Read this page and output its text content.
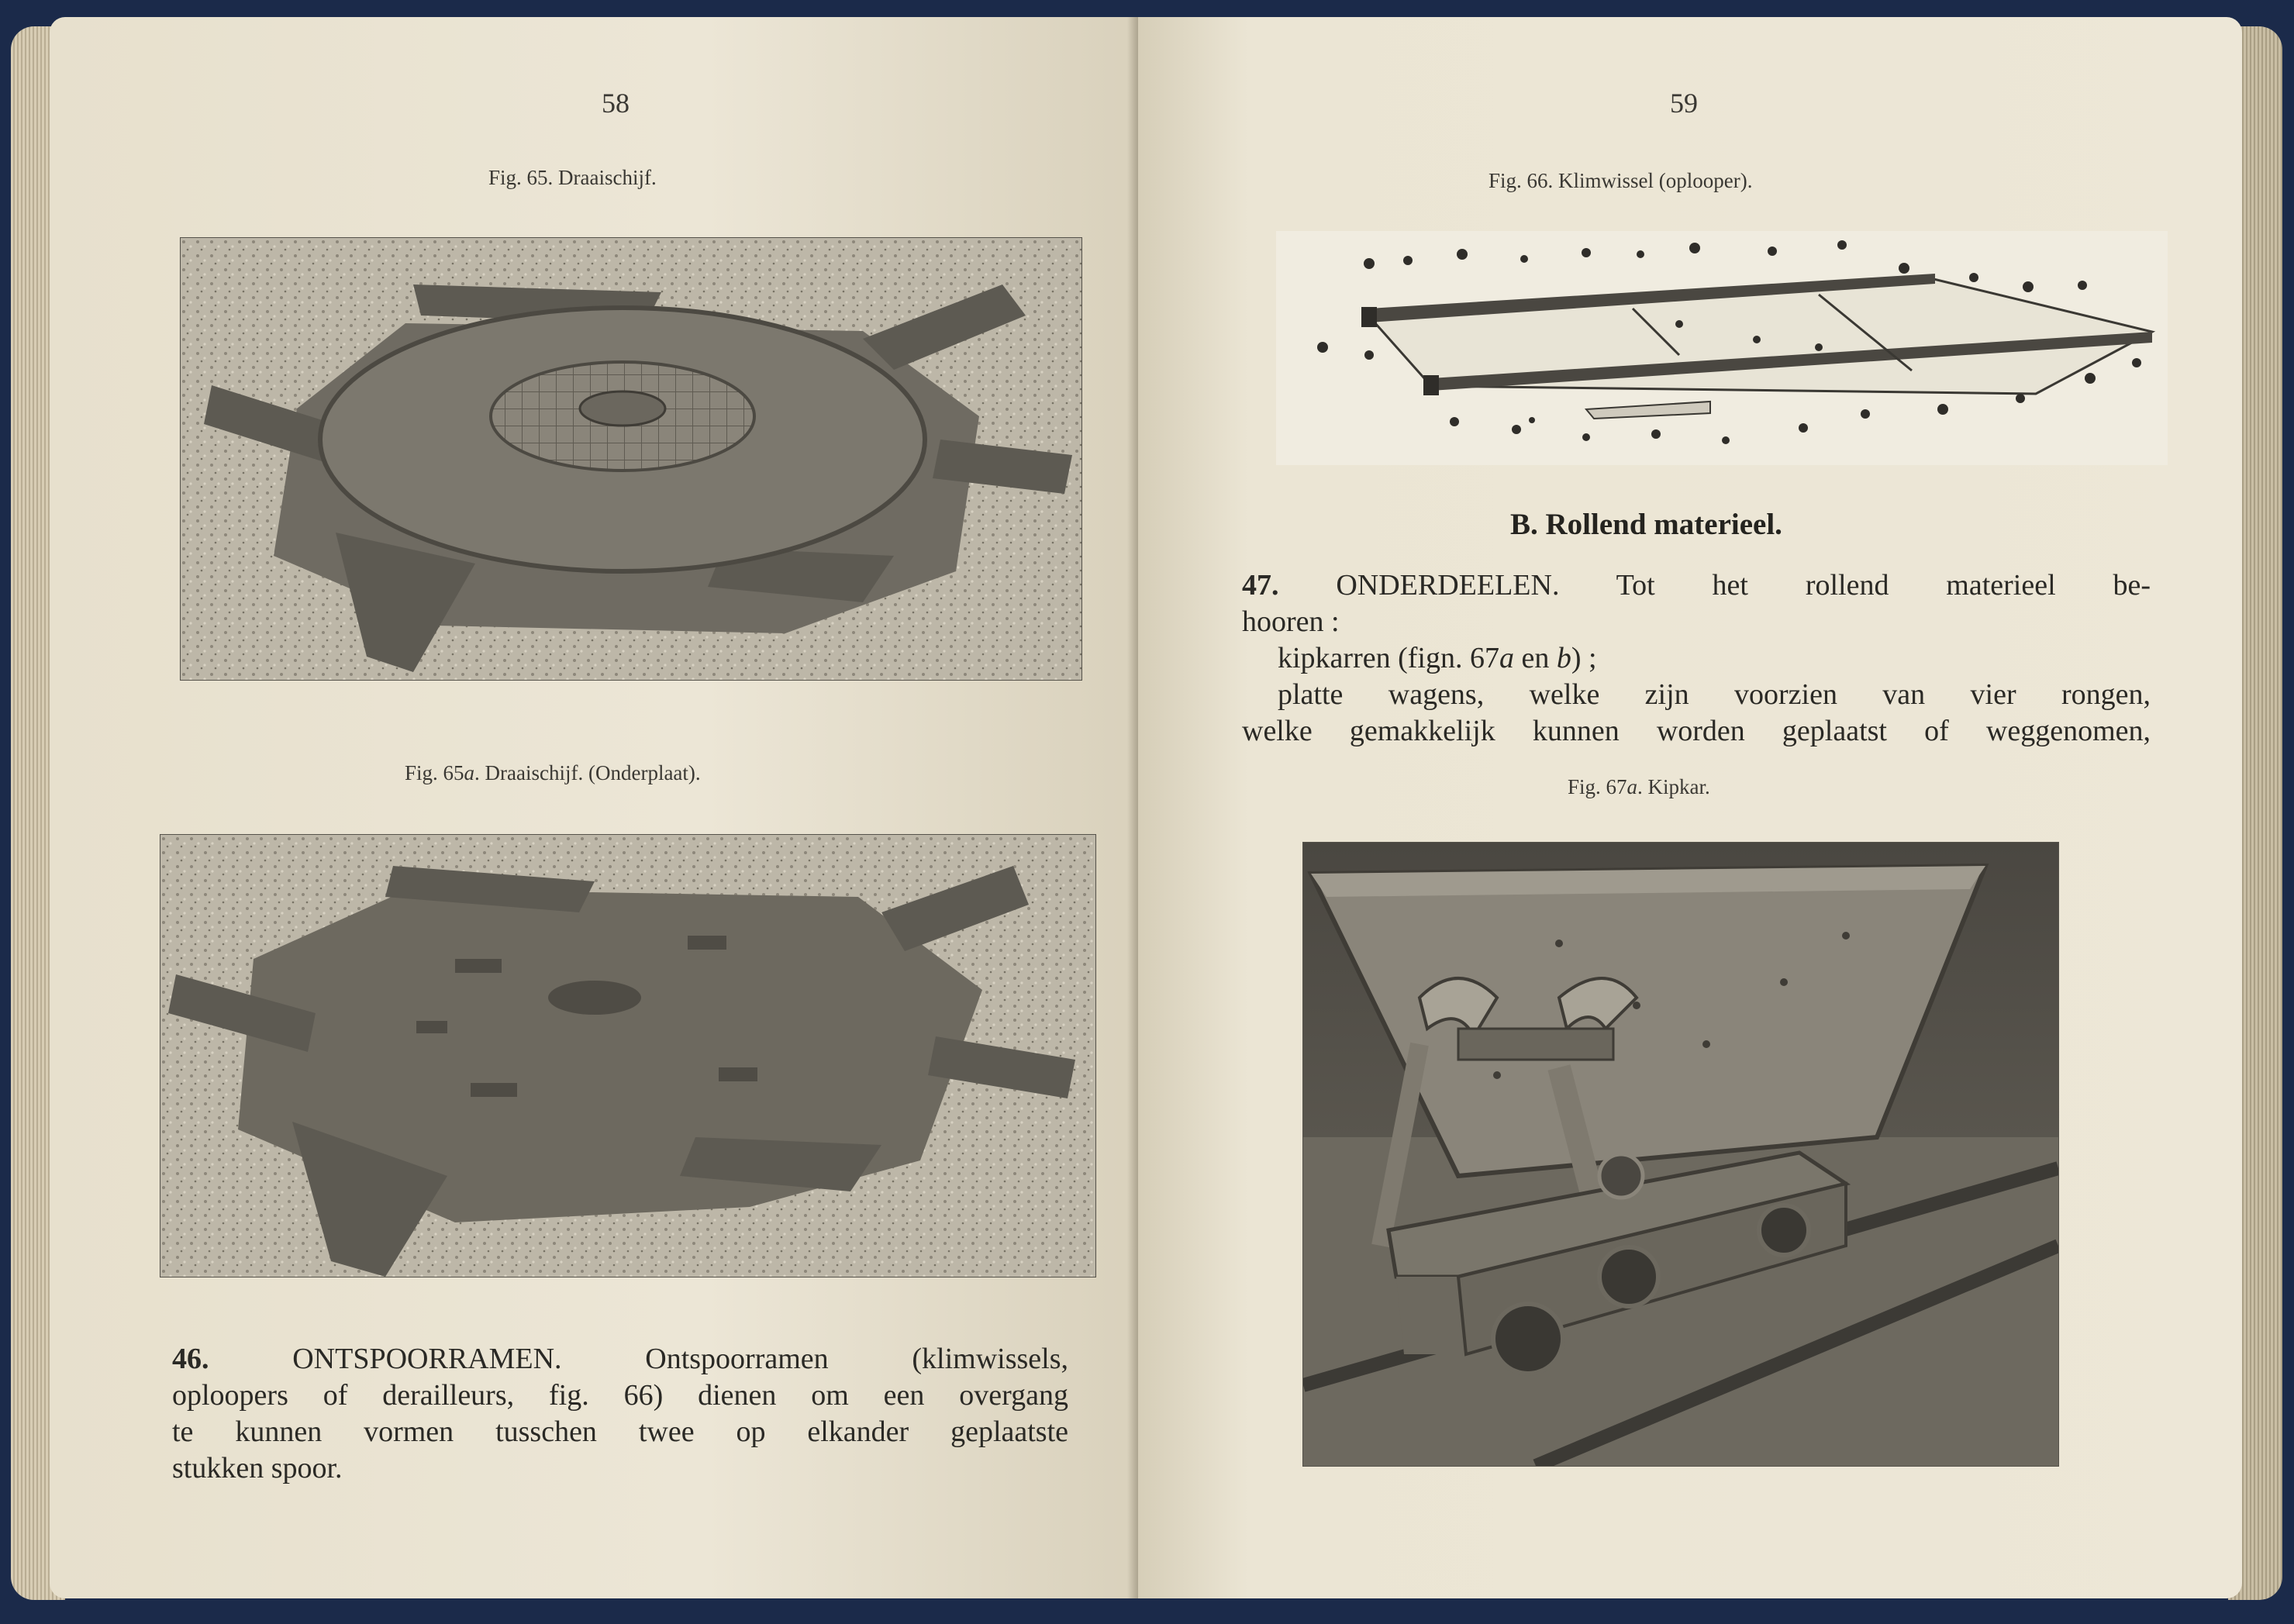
58
Fig. 65. Draaischijf.
Fig. 65a. Draaischijf. (Onderplaat).
46. ONTSPOORRAMEN. Ontspoorramen (klimwissels,
oploopers of derailleurs, fig. 66) dienen om een overgang
te kunnen vormen tusschen twee op elkander geplaatste
stukken spoor.
59
Fig. 66. Klimwissel (oplooper).
B. Rollend materieel.
47. ONDERDEELEN. Tot het rollend materieel be-
hooren :
kipkarren (fign. 67a en b) ;
platte wagens, welke zijn voorzien van vier rongen,
welke gemakkelijk kunnen worden geplaatst of weggenomen,
Fig. 67a. Kipkar.
